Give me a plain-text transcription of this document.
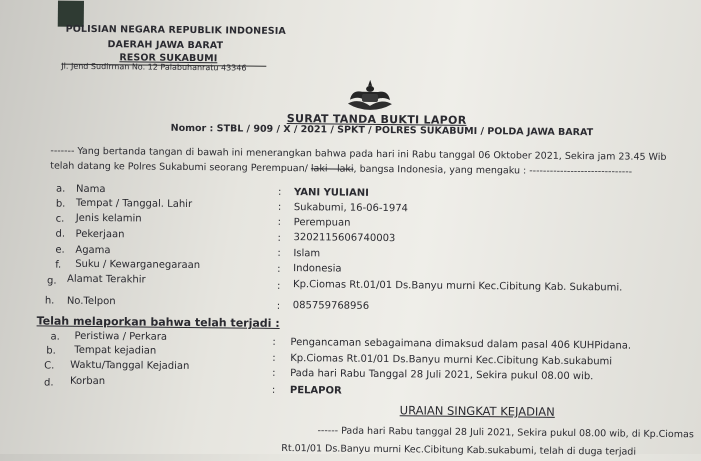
POLISIAN NEGARA REPUBLIK INDONESIA
DAERAH JAWA BARAT
RESOR SUKABUMI
Jl. Jend Sudirman No. 12 Palabuhanratu 43346
SURAT TANDA BUKTI LAPOR
Nomor : STBL / 909 / X / 2021 / SPKT / POLRES SUKABUMI / POLDA JAWA BARAT
------- Yang bertanda tangan di bawah ini menerangkan bahwa pada hari ini Rabu tanggal 06 Oktober 2021, Sekira jam 23.45 Wib
telah datang ke Polres Sukabumi seorang Perempuan/ laki - laki, bangsa Indonesia, yang mengaku : ------------------------------
a. Nama	: YANI YULIANI
b. Tempat / Tanggal. Lahir	: Sukabumi, 16-06-1974
c. Jenis kelamin	: Perempuan
d. Pekerjaan	: 3202115606740003
e. Agama	: Islam
f. Suku / Kewarganegaraan	: Indonesia
g. Alamat Terakhir
: Kp.Ciomas Rt.01/01 Ds.Banyu murni Kec.Cibitung Kab. Sukabumi.
h. No.Telpon	: 085759768956
Telah melaporkan bahwa telah terjadi :
a. Peristiwa / Perkara	: Pengancaman sebagaimana dimaksud dalam pasal 406 KUHPidana.
b. Tempat kejadian
: Kp.Ciomas Rt.01/01 Ds.Banyu murni Kec.Cibitung Kab.sukabumi
C. Waktu/Tanggal Kejadian
: Pada hari Rabu Tanggal 28 Juli 2021, Sekira pukul 08.00 wib.
d. Korban
: PELAPOR
URAIAN SINGKAT KEJADIAN
------ Pada hari Rabu tanggal 28 Juli 2021, Sekira pukul 08.00 wib, di Kp.Ciomas
Rt.01/01 Ds.Banyu murni Kec.Cibitung Kab.sukabumi, telah di duga terjadi
